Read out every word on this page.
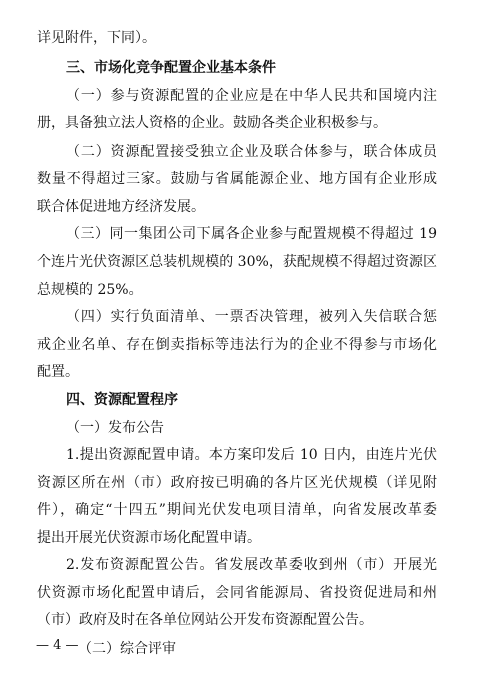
详见附件，下同）。
三、市场化竞争配置企业基本条件
（一）参与资源配置的企业应是在中华人民共和国境内注
册，具备独立法人资格的企业。鼓励各类企业积极参与。
（二）资源配置接受独立企业及联合体参与，联合体成员
数量不得超过三家。鼓励与省属能源企业、地方国有企业形成
联合体促进地方经济发展。
（三）同一集团公司下属各企业参与配置规模不得超过 19
个连片光伏资源区总装机规模的 30%，获配规模不得超过资源区
总规模的 25%。
（四）实行负面清单、一票否决管理，被列入失信联合惩
戒企业名单、存在倒卖指标等违法行为的企业不得参与市场化
配置。
四、资源配置程序
（一）发布公告
1.提出资源配置申请。本方案印发后 10 日内，由连片光伏
资源区所在州（市）政府按已明确的各片区光伏规模（详见附
件），确定“十四五”期间光伏发电项目清单，向省发展改革委
提出开展光伏资源市场化配置申请。
2.发布资源配置公告。省发展改革委收到州（市）开展光
伏资源市场化配置申请后，会同省能源局、省投资促进局和州
（市）政府及时在各单位网站公开发布资源配置公告。
（二）综合评审
— 4 —
